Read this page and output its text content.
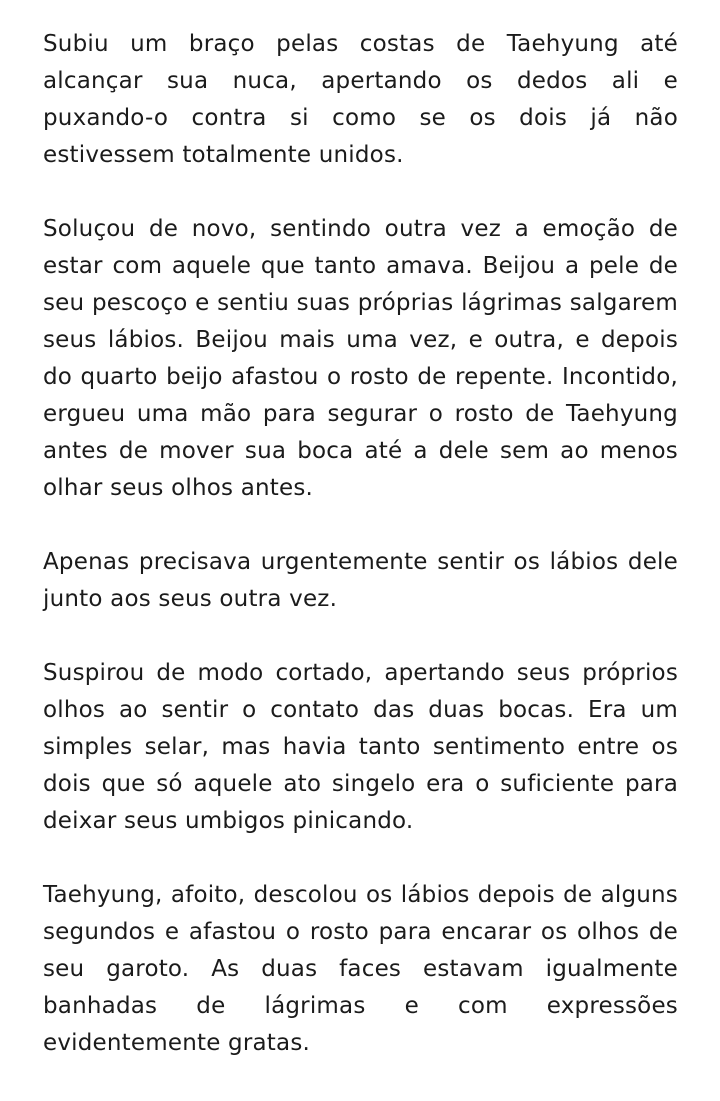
Subiu um braço pelas costas de Taehyung até alcançar sua nuca, apertando os dedos ali e puxando-o contra si como se os dois já não estivessem totalmente unidos.

Soluçou de novo, sentindo outra vez a emoção de estar com aquele que tanto amava. Beijou a pele de seu pescoço e sentiu suas próprias lágrimas salgarem seus lábios. Beijou mais uma vez, e outra, e depois do quarto beijo afastou o rosto de repente. Incontido, ergueu uma mão para segurar o rosto de Taehyung antes de mover sua boca até a dele sem ao menos olhar seus olhos antes.

Apenas precisava urgentemente sentir os lábios dele junto aos seus outra vez.

Suspirou de modo cortado, apertando seus próprios olhos ao sentir o contato das duas bocas. Era um simples selar, mas havia tanto sentimento entre os dois que só aquele ato singelo era o suficiente para deixar seus umbigos pinicando.

Taehyung, afoito, descolou os lábios depois de alguns segundos e afastou o rosto para encarar os olhos de seu garoto. As duas faces estavam igualmente banhadas de lágrimas e com expressões evidentemente gratas.
